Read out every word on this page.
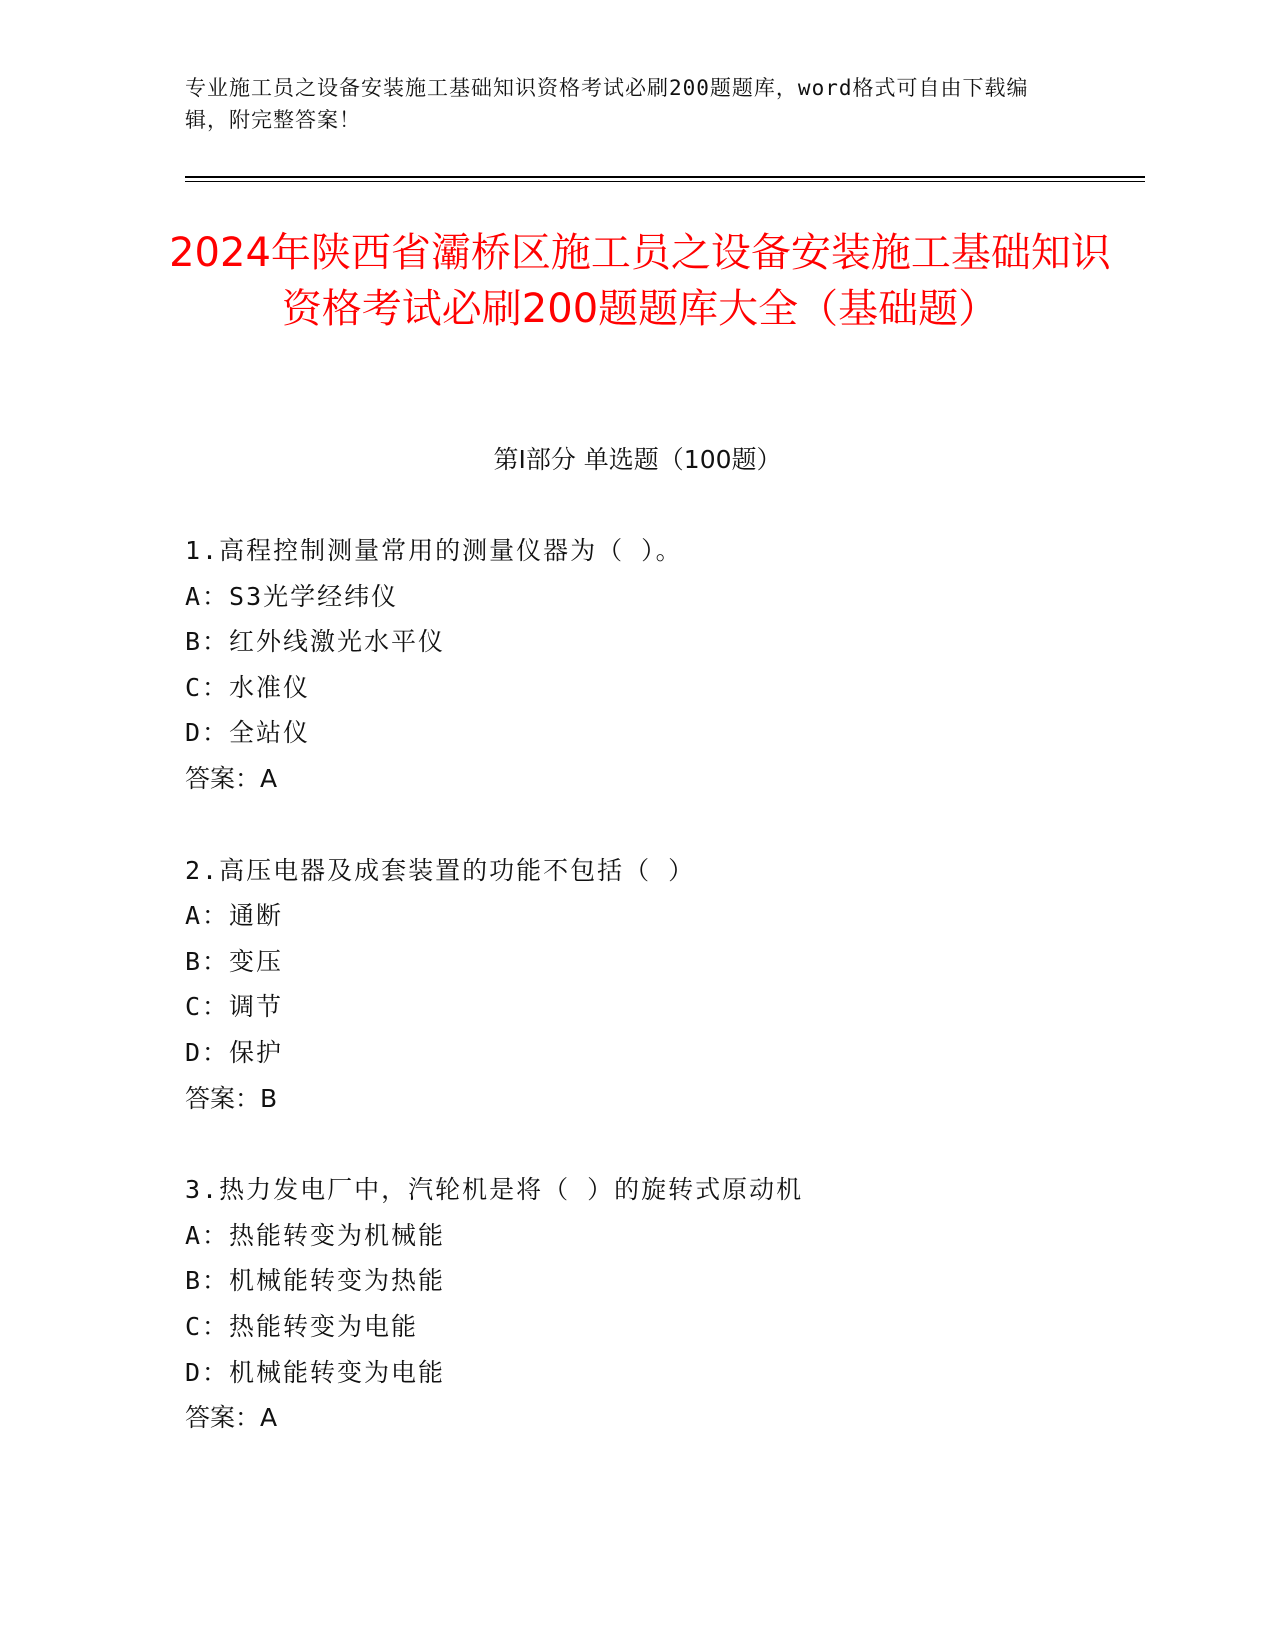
专业施工员之设备安装施工基础知识资格考试必刷200题题库，word格式可自由下载编辑，附完整答案！
2024年陕西省灞桥区施工员之设备安装施工基础知识资格考试必刷200题题库大全（基础题）
第I部分 单选题（100题）
1.高程控制测量常用的测量仪器为（ ）。
A：S3光学经纬仪
B：红外线激光水平仪
C：水准仪
D：全站仪
答案：A
2.高压电器及成套装置的功能不包括（ ）
A：通断
B：变压
C：调节
D：保护
答案：B
3.热力发电厂中，汽轮机是将（ ）的旋转式原动机
A：热能转变为机械能
B：机械能转变为热能
C：热能转变为电能
D：机械能转变为电能
答案：A
